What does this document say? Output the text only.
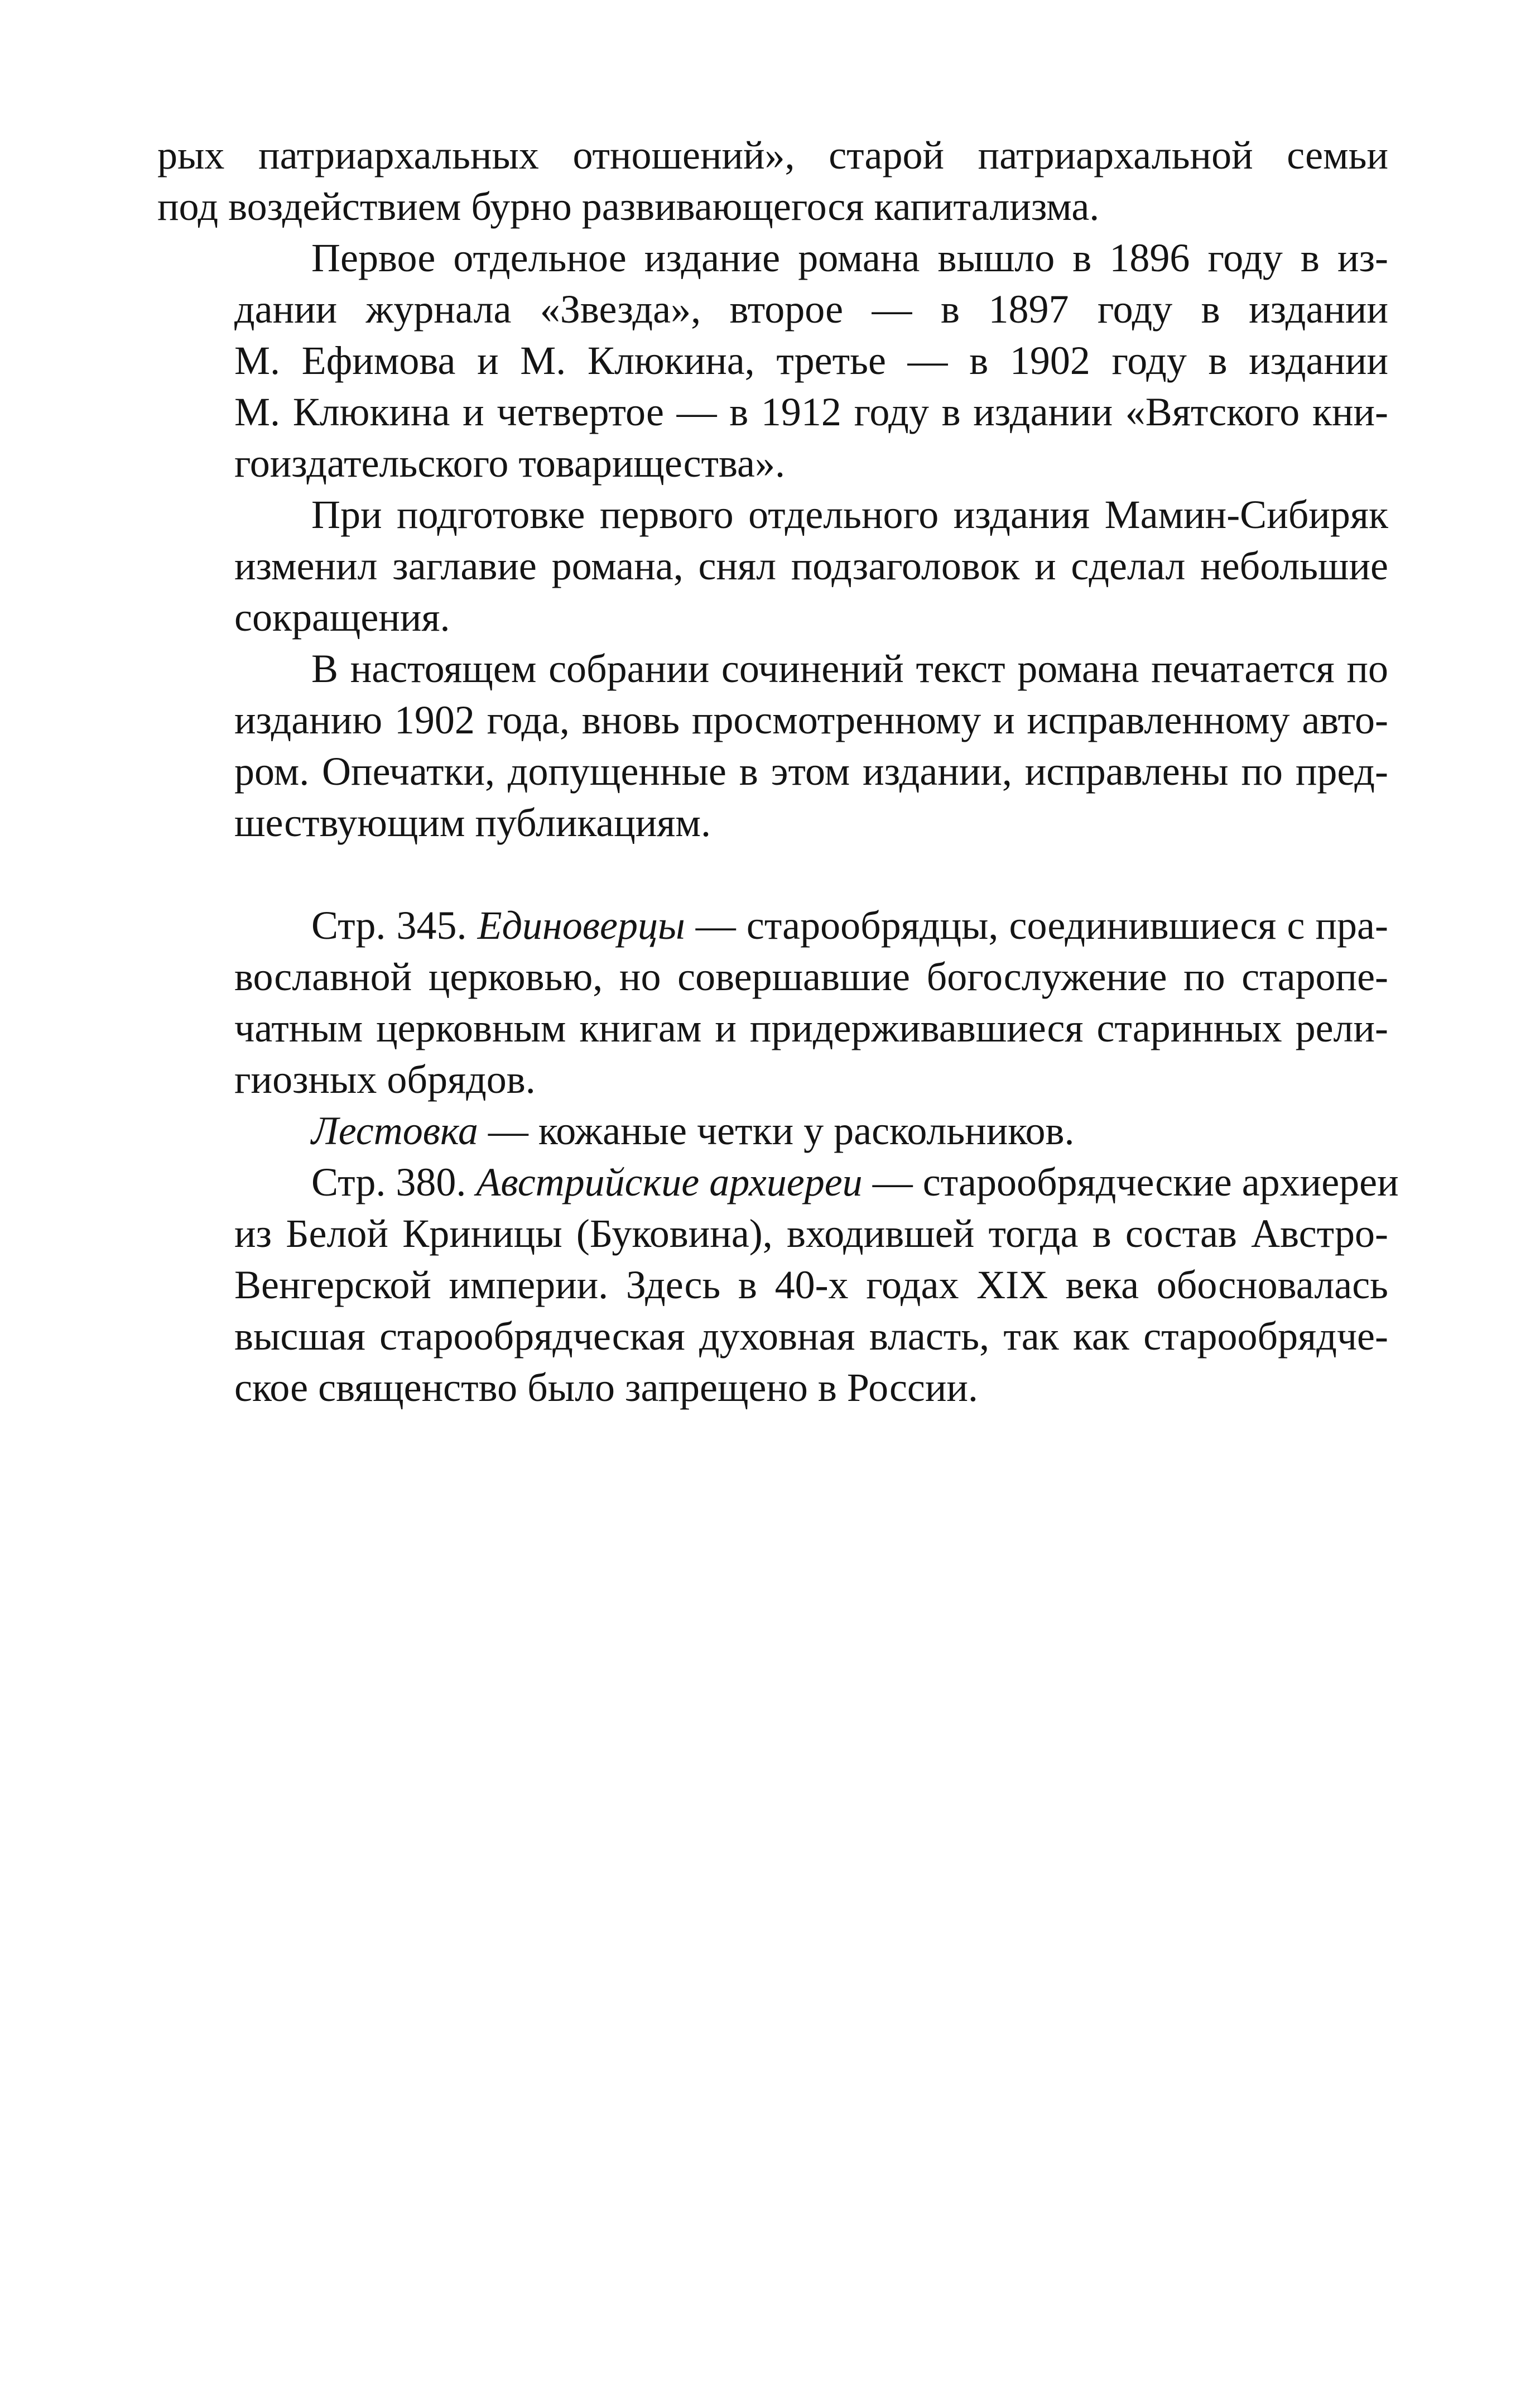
рых патриархальных отношений», старой патриархальной семьи
под воздействием бурно развивающегося капитализма.
Первое отдельное издание романа вышло в 1896 году в из-
дании журнала «Звезда», второе — в 1897 году в издании
М. Ефимова и М. Клюкина, третье — в 1902 году в издании
М. Клюкина и четвертое — в 1912 году в издании «Вятского кни-
гоиздательского товарищества».
При подготовке первого отдельного издания Мамин-Сибиряк
изменил заглавие романа, снял подзаголовок и сделал небольшие
сокращения.
В настоящем собрании сочинений текст романа печатается по
изданию 1902 года, вновь просмотренному и исправленному авто-
ром. Опечатки, допущенные в этом издании, исправлены по пред-
шествующим публикациям.
Стр. 345. Единоверцы — старообрядцы, соединившиеся с пра-
вославной церковью, но совершавшие богослужение по старопе-
чатным церковным книгам и придерживавшиеся старинных рели-
гиозных обрядов.
Лестовка — кожаные четки у раскольников.
Стр. 380. Австрийские архиереи — старообрядческие архиереи
из Белой Криницы (Буковина), входившей тогда в состав Австро-
Венгерской империи. Здесь в 40-х годах XIX века обосновалась
высшая старообрядческая духовная власть, так как старообрядче-
ское священство было запрещено в России.
